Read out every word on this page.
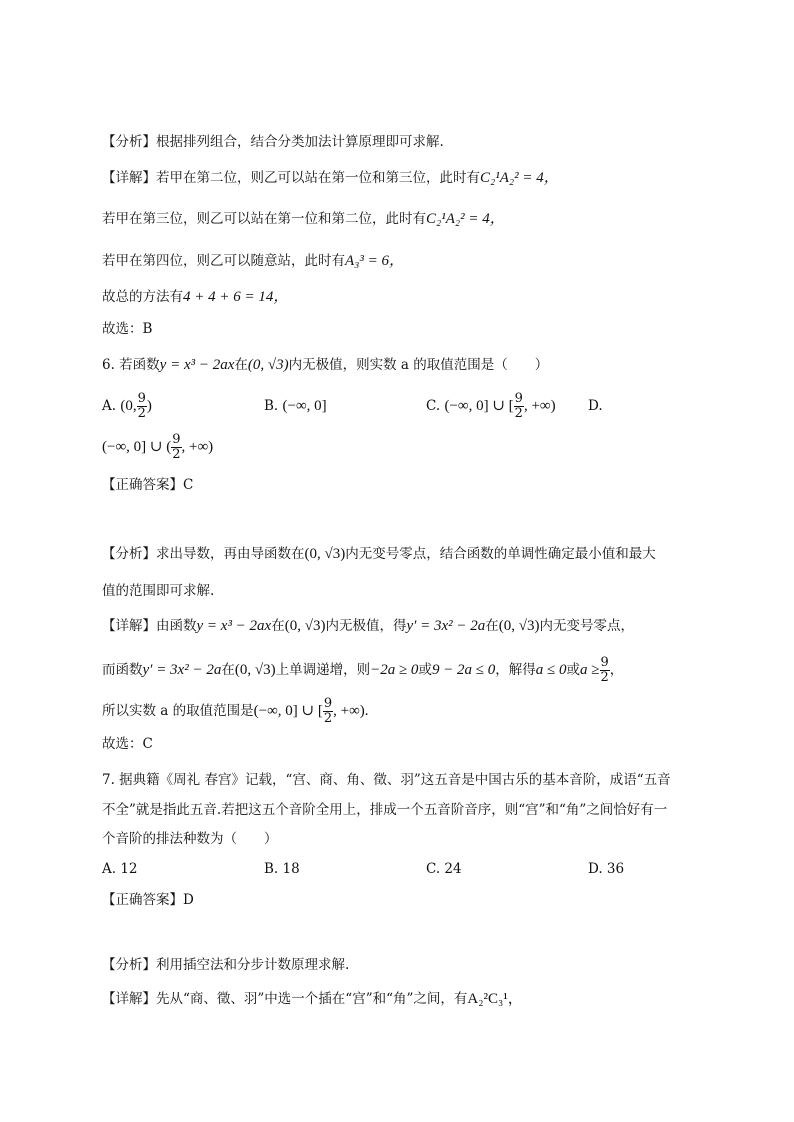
【分析】根据排列组合，结合分类加法计算原理即可求解.
【详解】若甲在第二位，则乙可以站在第一位和第三位，此时有C₂¹A₂² = 4，
若甲在第三位，则乙可以站在第一位和第二位，此时有C₂¹A₂² = 4，
若甲在第四位，则乙可以随意站，此时有A₃³ = 6，
故总的方法有4 + 4 + 6 = 14，
故选：B
6. 若函数y = x³ − 2ax在(0, √3)内无极值，则实数 a 的取值范围是（　　）
A. (0, $\frac{9}{2}$ )	B. (−∞, 0]	C. (−∞, 0] ∪ [ $\frac{9}{2}$ , +∞) D.
(−∞, 0] ∪ ( $\frac{9}{2}$ , +∞)
【正确答案】C
【分析】求出导数，再由导函数在(0, √3)内无变号零点，结合函数的单调性确定最小值和最大
值的范围即可求解.
【详解】由函数y = x³ − 2ax在(0, √3)内无极值，得y′ = 3x² − 2a在(0, √3)内无变号零点，
而函数y′ = 3x² − 2a在(0, √3)上单调递增，则−2a ≥ 0或9 − 2a ≤ 0，解得a ≤ 0或$a \ge \frac{9}{2}$ ，
所以实数 a 的取值范围是(−∞, 0] ∪ [ $\frac{9}{2}$ , +∞).
故选：C
7. 据典籍《周礼 春宫》记载，“宫、商、角、徵、羽”这五音是中国古乐的基本音阶，成语“五音
不全”就是指此五音.若把这五个音阶全用上，排成一个五音阶音序，则“宫”和“角”之间恰好有一
个音阶的排法种数为（　　）
A. 12	B. 18	C. 24	D. 36
【正确答案】D
【分析】利用插空法和分步计数原理求解.
【详解】先从“商、徵、羽”中选一个插在“宫”和“角”之间，有A₂²C₃¹，
